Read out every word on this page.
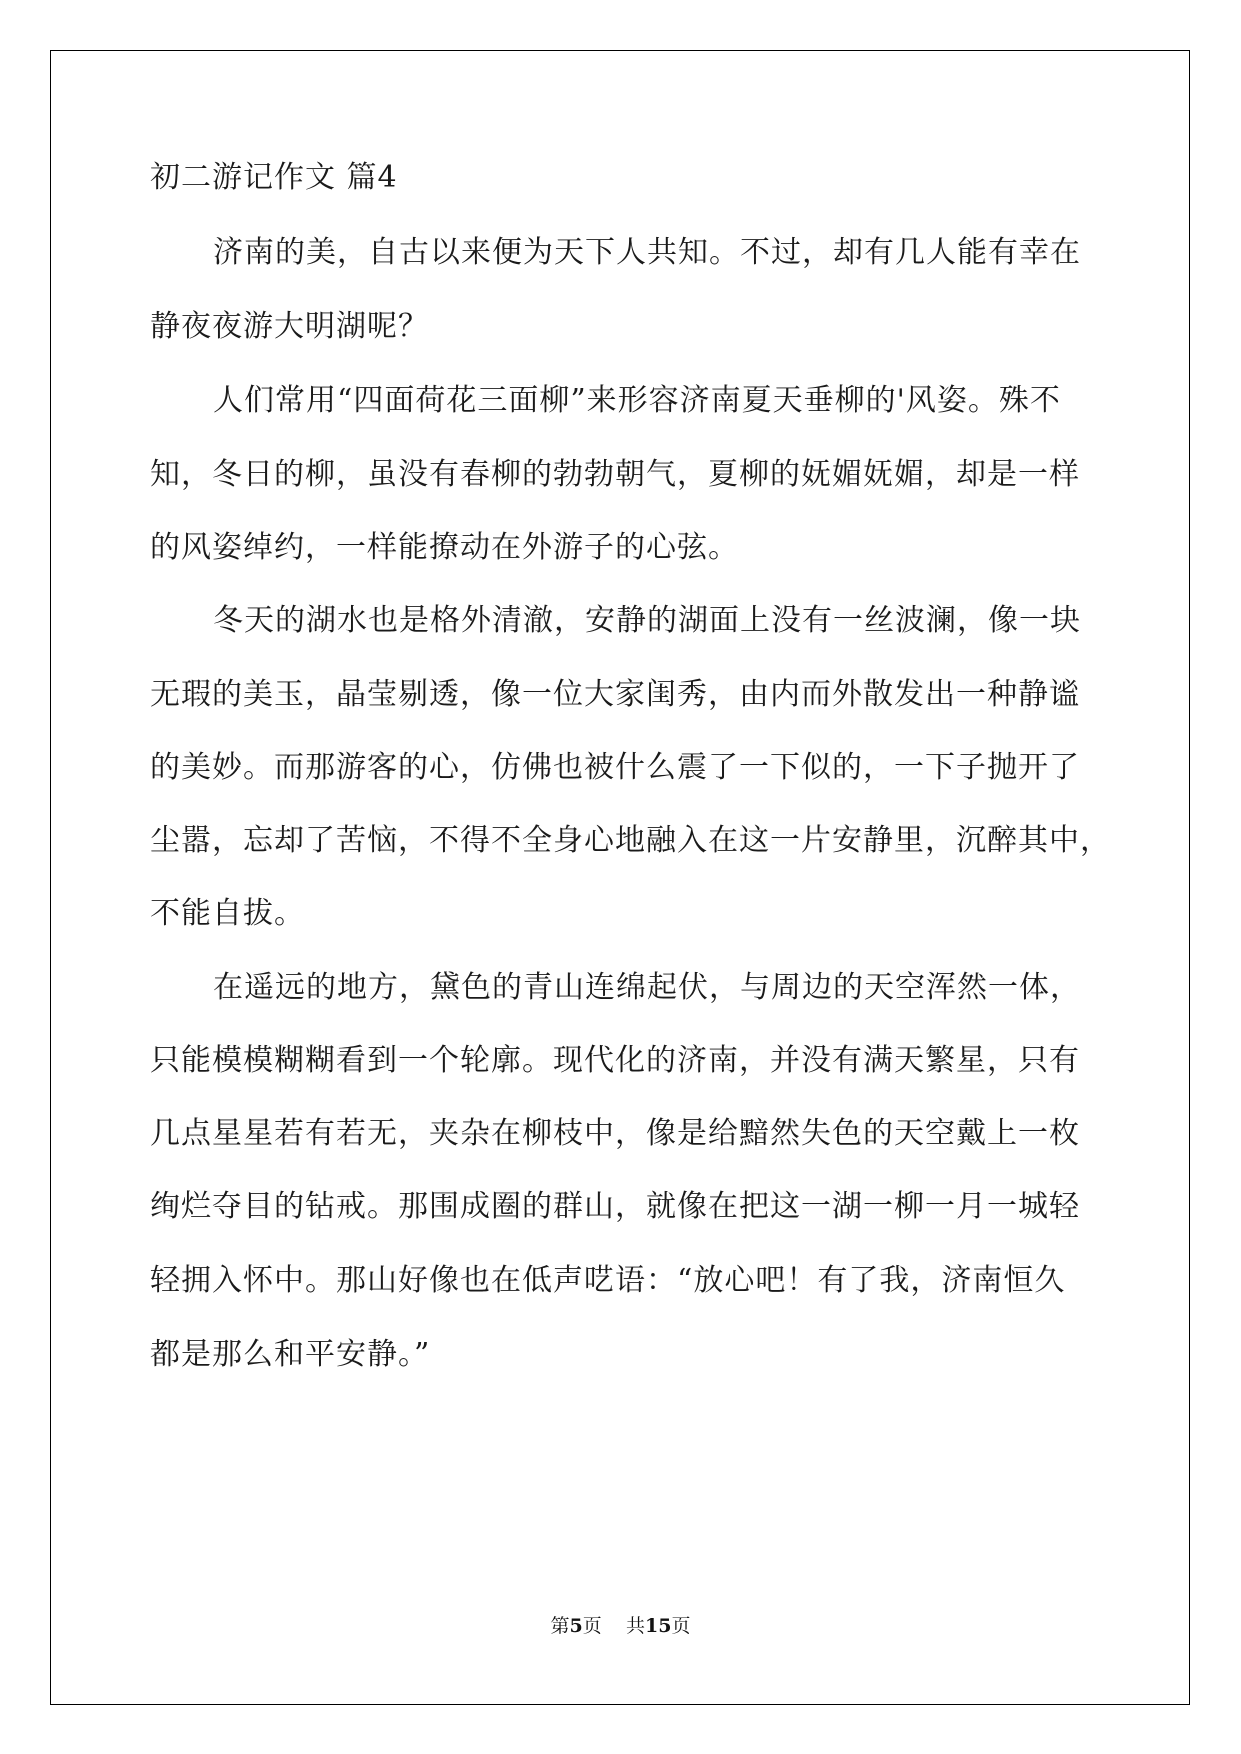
初二游记作文 篇4
济南的美，自古以来便为天下人共知。不过，却有几人能有幸在
静夜夜游大明湖呢？
人们常用“四面荷花三面柳”来形容济南夏天垂柳的'风姿。殊不
知，冬日的柳，虽没有春柳的勃勃朝气，夏柳的妩媚妩媚，却是一样
的风姿绰约，一样能撩动在外游子的心弦。
冬天的湖水也是格外清澈，安静的湖面上没有一丝波澜，像一块
无瑕的美玉，晶莹剔透，像一位大家闺秀，由内而外散发出一种静谧
的美妙。而那游客的心，仿佛也被什么震了一下似的，一下子抛开了
尘嚣，忘却了苦恼，不得不全身心地融入在这一片安静里，沉醉其中，
不能自拔。
在遥远的地方，黛色的青山连绵起伏，与周边的天空浑然一体，
只能模模糊糊看到一个轮廓。现代化的济南，并没有满天繁星，只有
几点星星若有若无，夹杂在柳枝中，像是给黯然失色的天空戴上一枚
绚烂夺目的钻戒。那围成圈的群山，就像在把这一湖一柳一月一城轻
轻拥入怀中。那山好像也在低声呓语：“放心吧！有了我，济南恒久
都是那么和平安静。”
第5页 共15页
